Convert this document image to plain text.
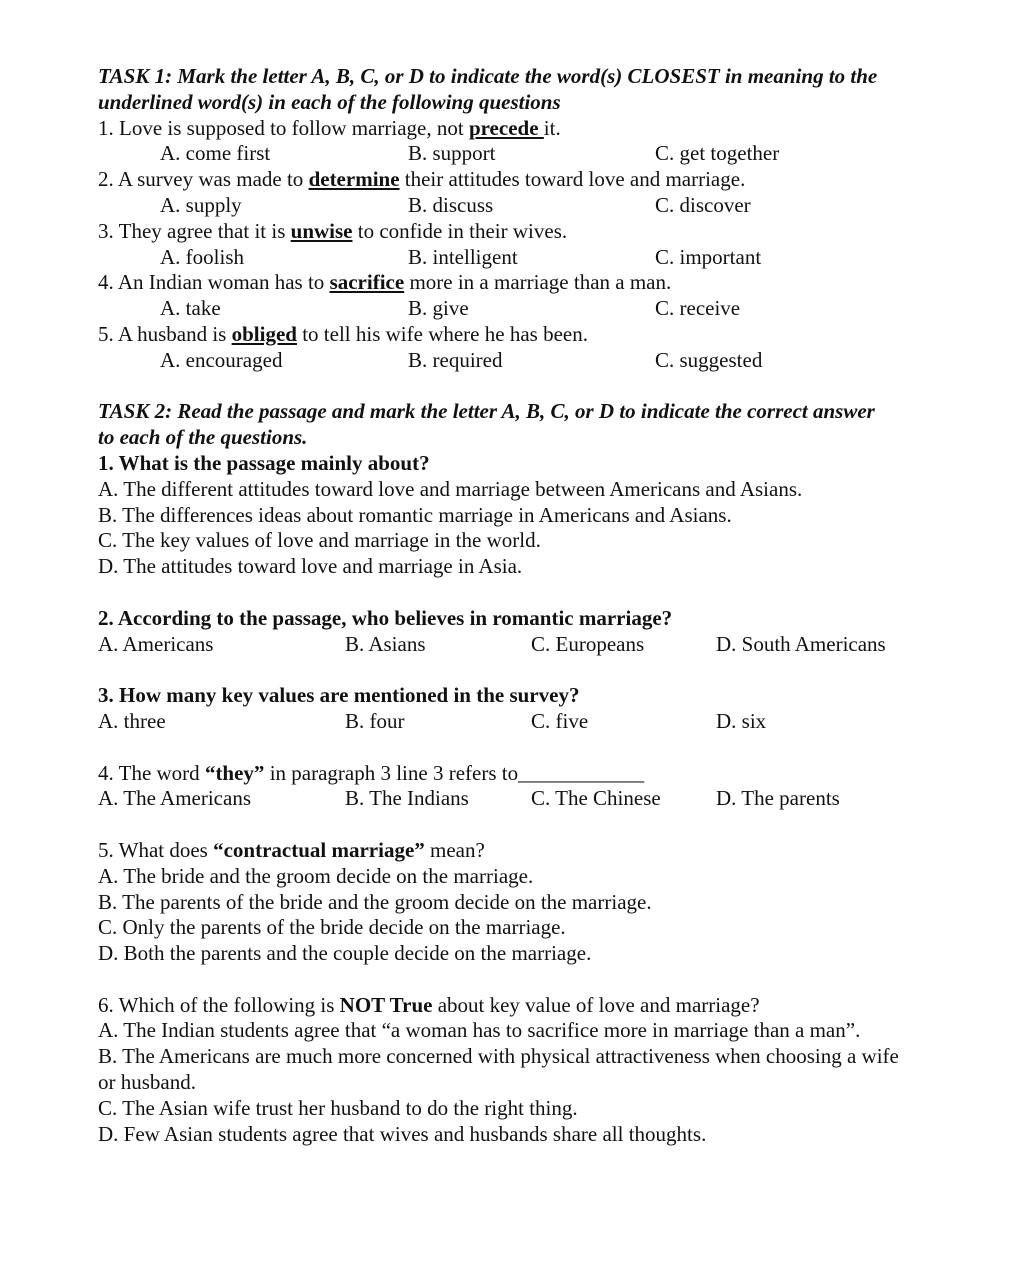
TASK 1: Mark the letter A, B, C, or D to indicate the word(s) CLOSEST in meaning to the
underlined word(s) in each of the following questions
1. Love is supposed to follow marriage, not precede it.
A. come first	B. support	C. get together
2. A survey was made to determine their attitudes toward love and marriage.
A. supply	B. discuss	C. discover
3. They agree that it is unwise to confide in their wives.
A. foolish	B. intelligent	C. important
4. An Indian woman has to sacrifice more in a marriage than a man.
A. take	B. give	C. receive
5. A husband is obliged to tell his wife where he has been.
A. encouraged	B. required	C. suggested
TASK 2: Read the passage and mark the letter A, B, C, or D to indicate the correct answer
to each of the questions.
1. What is the passage mainly about?
A. The different attitudes toward love and marriage between Americans and Asians.
B. The differences ideas about romantic marriage in Americans and Asians.
C. The key values of love and marriage in the world.
D. The attitudes toward love and marriage in Asia.
2. According to the passage, who believes in romantic marriage?
A. Americans	B. Asians	C. Europeans	D. South Americans
3. How many key values are mentioned in the survey?
A. three	B. four	C. five	D. six
4. The word “they” in paragraph 3 line 3 refers to____________
A. The Americans	B. The Indians	C. The Chinese	D. The parents
5. What does “contractual marriage” mean?
A. The bride and the groom decide on the marriage.
B. The parents of the bride and the groom decide on the marriage.
C. Only the parents of the bride decide on the marriage.
D. Both the parents and the couple decide on the marriage.
6. Which of the following is NOT True about key value of love and marriage?
A. The Indian students agree that “a woman has to sacrifice more in marriage than a man”.
B. The Americans are much more concerned with physical attractiveness when choosing a wife
or husband.
C. The Asian wife trust her husband to do the right thing.
D. Few Asian students agree that wives and husbands share all thoughts.
